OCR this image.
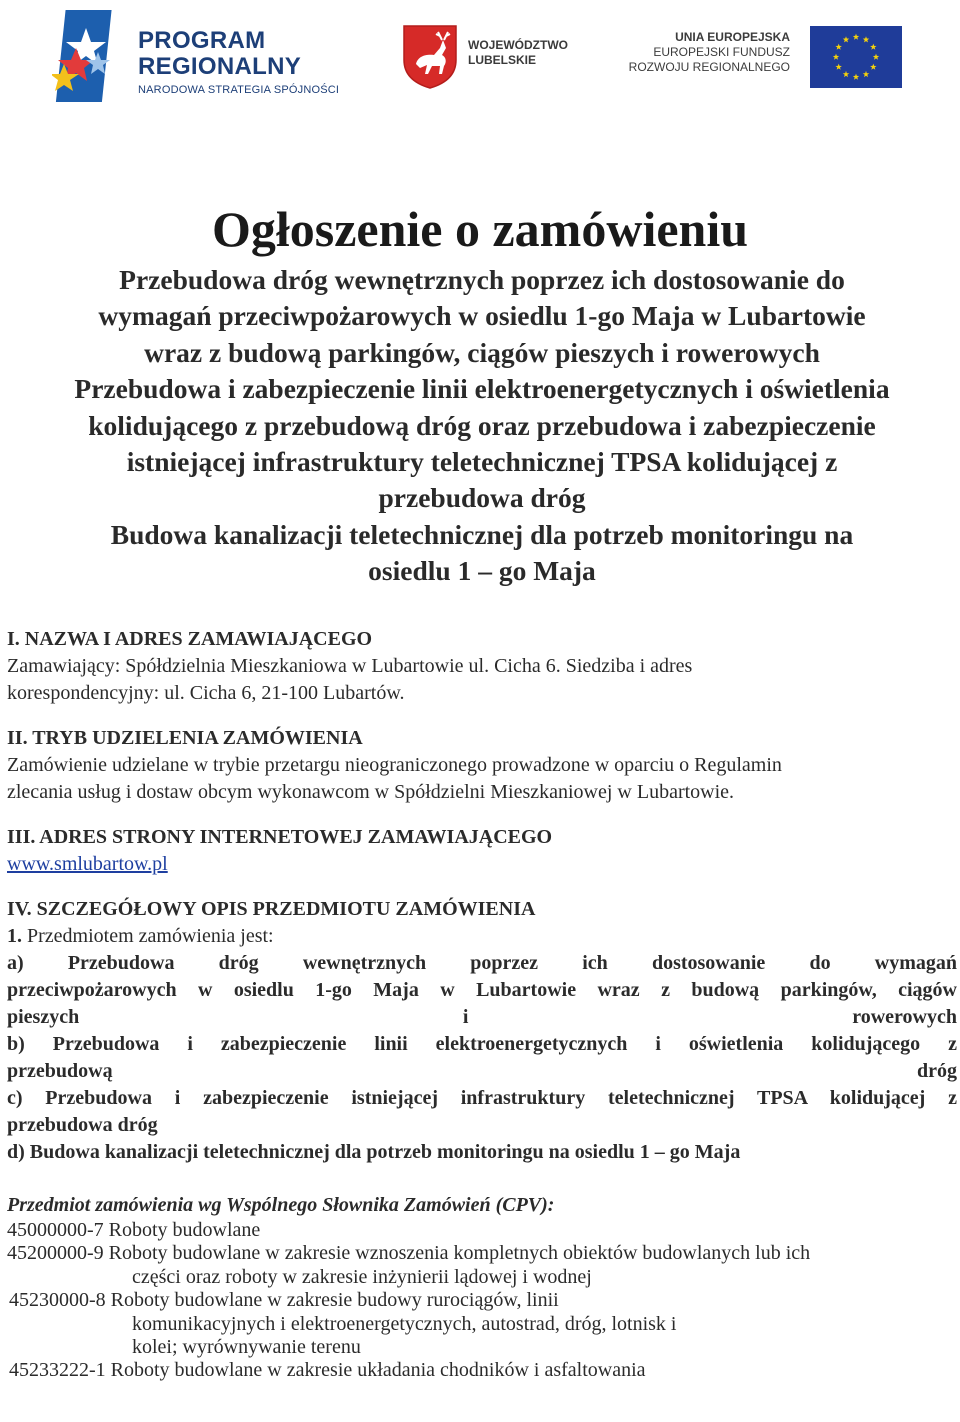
PROGRAM
REGIONALNY
NARODOWA STRATEGIA SPÓJNOŚCI
WOJEWÓDZTWO
LUBELSKIE
UNIA EUROPEJSKA
EUROPEJSKI FUNDUSZ
ROZWOJU REGIONALNEGO
Ogłoszenie o zamówieniu
Przebudowa dróg wewnętrznych poprzez ich dostosowanie do
wymagań przeciwpożarowych w osiedlu 1-go Maja w Lubartowie
wraz z budową parkingów, ciągów pieszych i rowerowych
Przebudowa i zabezpieczenie linii elektroenergetycznych i oświetlenia
kolidującego z przebudową dróg oraz przebudowa i zabezpieczenie
istniejącej infrastruktury teletechnicznej TPSA kolidującej z
przebudowa dróg
Budowa kanalizacji teletechnicznej dla potrzeb monitoringu na
osiedlu 1 – go Maja
I. NAZWA I ADRES ZAMAWIAJĄCEGO
Zamawiający: Spółdzielnia Mieszkaniowa w Lubartowie ul. Cicha 6. Siedziba i adres
korespondencyjny: ul. Cicha 6, 21-100 Lubartów.
II. TRYB UDZIELENIA ZAMÓWIENIA
Zamówienie udzielane w trybie przetargu nieograniczonego prowadzone w oparciu o Regulamin
zlecania usług i dostaw obcym wykonawcom w Spółdzielni Mieszkaniowej w Lubartowie.
III. ADRES STRONY INTERNETOWEJ ZAMAWIAJĄCEGO
www.smlubartow.pl
IV. SZCZEGÓŁOWY OPIS PRZEDMIOTU ZAMÓWIENIA
1. Przedmiotem zamówienia jest:
a) Przebudowa dróg wewnętrznych poprzez ich dostosowanie do wymagań
przeciwpożarowych w osiedlu 1-go Maja w Lubartowie wraz z budową parkingów, ciągów
pieszych i rowerowych
b) Przebudowa i zabezpieczenie linii elektroenergetycznych i oświetlenia kolidującego z
przebudową dróg
c) Przebudowa i zabezpieczenie istniejącej infrastruktury teletechnicznej TPSA kolidującej z
przebudowa dróg
d) Budowa kanalizacji teletechnicznej dla potrzeb monitoringu na osiedlu 1 – go Maja
Przedmiot zamówienia wg Wspólnego Słownika Zamówień (CPV):
45000000-7 Roboty budowlane
45200000-9 Roboty budowlane w zakresie wznoszenia kompletnych obiektów budowlanych lub ich
części oraz roboty w zakresie inżynierii lądowej i wodnej
45230000-8 Roboty budowlane w zakresie budowy rurociągów, linii
komunikacyjnych i elektroenergetycznych, autostrad, dróg, lotnisk i
kolei; wyrównywanie terenu
45233222-1 Roboty budowlane w zakresie układania chodników i asfaltowania
